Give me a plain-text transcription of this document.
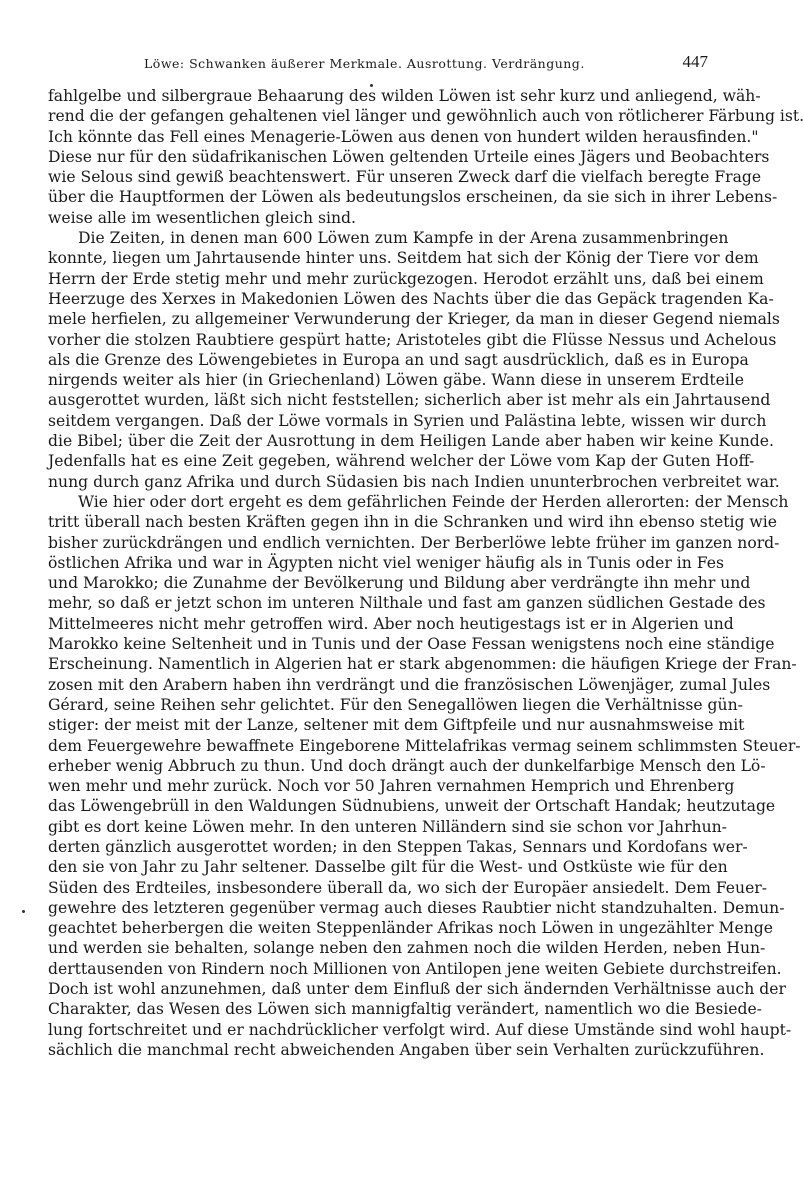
Löwe: Schwanken äußerer Merkmale. Ausrottung. Verdrängung.	447
fahlgelbe und silbergraue Behaarung des wilden Löwen ist sehr kurz und anliegend, wäh-
rend die der gefangen gehaltenen viel länger und gewöhnlich auch von rötlicherer Färbung ist.
Ich könnte das Fell eines Menagerie-Löwen aus denen von hundert wilden herausfinden."
Diese nur für den südafrikanischen Löwen geltenden Urteile eines Jägers und Beobachters
wie Selous sind gewiß beachtenswert. Für unseren Zweck darf die vielfach beregte Frage
über die Hauptformen der Löwen als bedeutungslos erscheinen, da sie sich in ihrer Lebens-
weise alle im wesentlichen gleich sind.
Die Zeiten, in denen man 600 Löwen zum Kampfe in der Arena zusammenbringen
konnte, liegen um Jahrtausende hinter uns. Seitdem hat sich der König der Tiere vor dem
Herrn der Erde stetig mehr und mehr zurückgezogen. Herodot erzählt uns, daß bei einem
Heerzuge des Xerxes in Makedonien Löwen des Nachts über die das Gepäck tragenden Ka-
mele herfielen, zu allgemeiner Verwunderung der Krieger, da man in dieser Gegend niemals
vorher die stolzen Raubtiere gespürt hatte; Aristoteles gibt die Flüsse Nessus und Achelous
als die Grenze des Löwengebietes in Europa an und sagt ausdrücklich, daß es in Europa
nirgends weiter als hier (in Griechenland) Löwen gäbe. Wann diese in unserem Erdteile
ausgerottet wurden, läßt sich nicht feststellen; sicherlich aber ist mehr als ein Jahrtausend
seitdem vergangen. Daß der Löwe vormals in Syrien und Palästina lebte, wissen wir durch
die Bibel; über die Zeit der Ausrottung in dem Heiligen Lande aber haben wir keine Kunde.
Jedenfalls hat es eine Zeit gegeben, während welcher der Löwe vom Kap der Guten Hoff-
nung durch ganz Afrika und durch Südasien bis nach Indien ununterbrochen verbreitet war.
Wie hier oder dort ergeht es dem gefährlichen Feinde der Herden allerorten: der Mensch
tritt überall nach besten Kräften gegen ihn in die Schranken und wird ihn ebenso stetig wie
bisher zurückdrängen und endlich vernichten. Der Berberlöwe lebte früher im ganzen nord-
östlichen Afrika und war in Ägypten nicht viel weniger häufig als in Tunis oder in Fes
und Marokko; die Zunahme der Bevölkerung und Bildung aber verdrängte ihn mehr und
mehr, so daß er jetzt schon im unteren Nilthale und fast am ganzen südlichen Gestade des
Mittelmeeres nicht mehr getroffen wird. Aber noch heutigestags ist er in Algerien und
Marokko keine Seltenheit und in Tunis und der Oase Fessan wenigstens noch eine ständige
Erscheinung. Namentlich in Algerien hat er stark abgenommen: die häufigen Kriege der Fran-
zosen mit den Arabern haben ihn verdrängt und die französischen Löwenjäger, zumal Jules
Gérard, seine Reihen sehr gelichtet. Für den Senegallöwen liegen die Verhältnisse gün-
stiger: der meist mit der Lanze, seltener mit dem Giftpfeile und nur ausnahmsweise mit
dem Feuergewehre bewaffnete Eingeborene Mittelafrikas vermag seinem schlimmsten Steuer-
erheber wenig Abbruch zu thun. Und doch drängt auch der dunkelfarbige Mensch den Lö-
wen mehr und mehr zurück. Noch vor 50 Jahren vernahmen Hemprich und Ehrenberg
das Löwengebrüll in den Waldungen Südnubiens, unweit der Ortschaft Handak; heutzutage
gibt es dort keine Löwen mehr. In den unteren Nilländern sind sie schon vor Jahrhun-
derten gänzlich ausgerottet worden; in den Steppen Takas, Sennars und Kordofans wer-
den sie von Jahr zu Jahr seltener. Dasselbe gilt für die West- und Ostküste wie für den
Süden des Erdteiles, insbesondere überall da, wo sich der Europäer ansiedelt. Dem Feuer-
gewehre des letzteren gegenüber vermag auch dieses Raubtier nicht standzuhalten. Demun-
geachtet beherbergen die weiten Steppenländer Afrikas noch Löwen in ungezählter Menge
und werden sie behalten, solange neben den zahmen noch die wilden Herden, neben Hun-
derttausenden von Rindern noch Millionen von Antilopen jene weiten Gebiete durchstreifen.
Doch ist wohl anzunehmen, daß unter dem Einfluß der sich ändernden Verhältnisse auch der
Charakter, das Wesen des Löwen sich mannigfaltig verändert, namentlich wo die Besiede-
lung fortschreitet und er nachdrücklicher verfolgt wird. Auf diese Umstände sind wohl haupt-
sächlich die manchmal recht abweichenden Angaben über sein Verhalten zurückzuführen.
